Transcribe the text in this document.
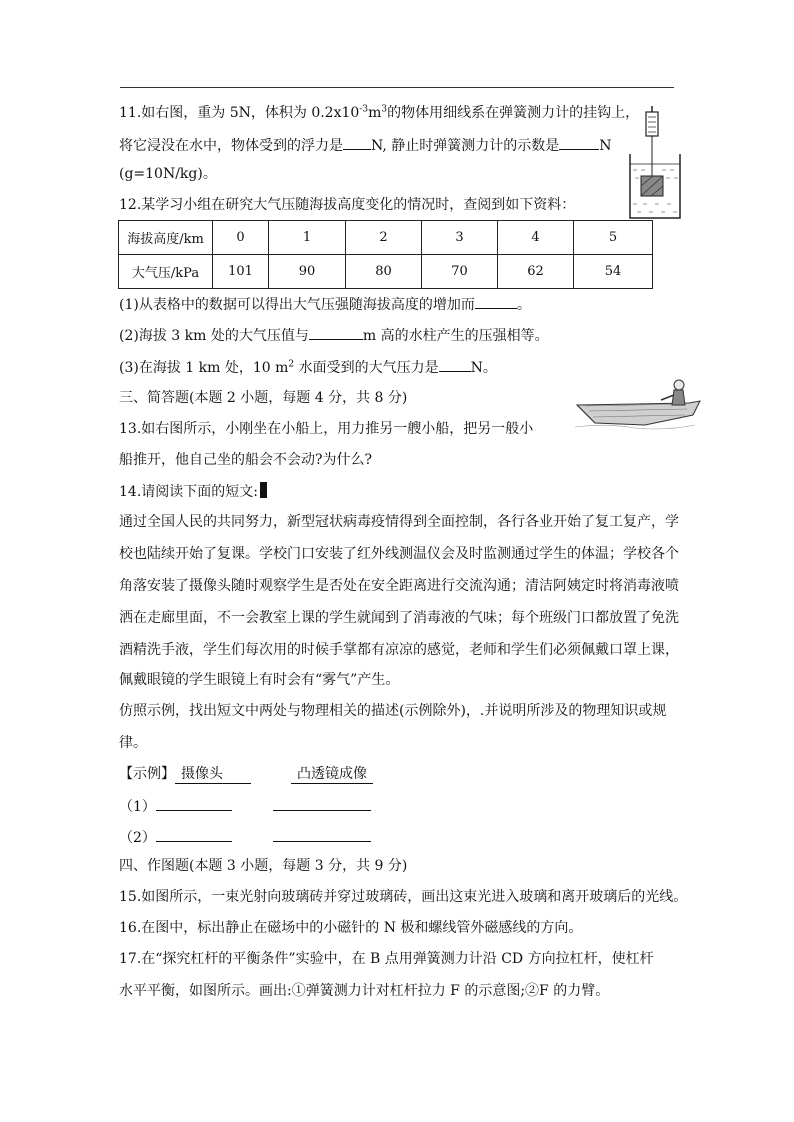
11.如右图，重为 5N，体积为 $0.2x10^{-3}m^3$的物体用细线系在弹簧测力计的挂钩上，
将它浸没在水中，物体受到的浮力是 N, 静止时弹簧测力计的示数是	N
(g=10N/kg)。
12.某学习小组在研究大气压随海拔高度变化的情况时，查阅到如下资料：
海拔高度/km	0	1	2	3	4	5
大气压/kPa	101	90	80	70	62	54
(1)从表格中的数据可以得出大气压强随海拔高度的增加而	。
(2)海拔 3 km 处的大气压值与	m 高的水柱产生的压强相等。
(3)在海拔 1 km 处，10 $m^2$ 水面受到的大气压力是 N。
三、简答题(本题 2 小题，每题 4 分，共 8 分)
13.如右图所示，小刚坐在小船上，用力推另一艘小船，把另一般小
船推开，他自己坐的船会不会动?为什么?
14.请阅读下面的短文:
通过全国人民的共同努力，新型冠状病毒疫情得到全面控制，各行各业开始了复工复产，学
校也陆续开始了复课。学校门口安装了红外线测温仪会及时监测通过学生的体温；学校各个
角落安装了摄像头随时观察学生是否处在安全距离进行交流沟通；清洁阿姨定时将消毒液喷
洒在走廊里面，不一会教室上课的学生就闻到了消毒液的气味；每个班级门口都放置了免洗
酒精洗手液，学生们每次用的时候手掌都有凉凉的感觉，老师和学生们必须佩戴口罩上课，
佩戴眼镜的学生眼镜上有时会有“雾气”产生。
仿照示例，找出短文中两处与物理相关的描述(示例除外)，.并说明所涉及的物理知识或规
律。
【示例】 摄像头	凸透镜成像
（1）
（2）
四、作图题(本题 3 小题，每题 3 分，共 9 分)
15.如图所示，一束光射向玻璃砖并穿过玻璃砖，画出这束光进入玻璃和离开玻璃后的光线。
16.在图中，标出静止在磁场中的小磁针的 N 极和螺线管外磁感线的方向。
17.在“探究杠杆的平衡条件”实验中，在 B 点用弹簧测力计沿 CD 方向拉杠杆，使杠杆
水平平衡，如图所示。画出:①弹簧测力计对杠杆拉力 F 的示意图;②F 的力臂。
